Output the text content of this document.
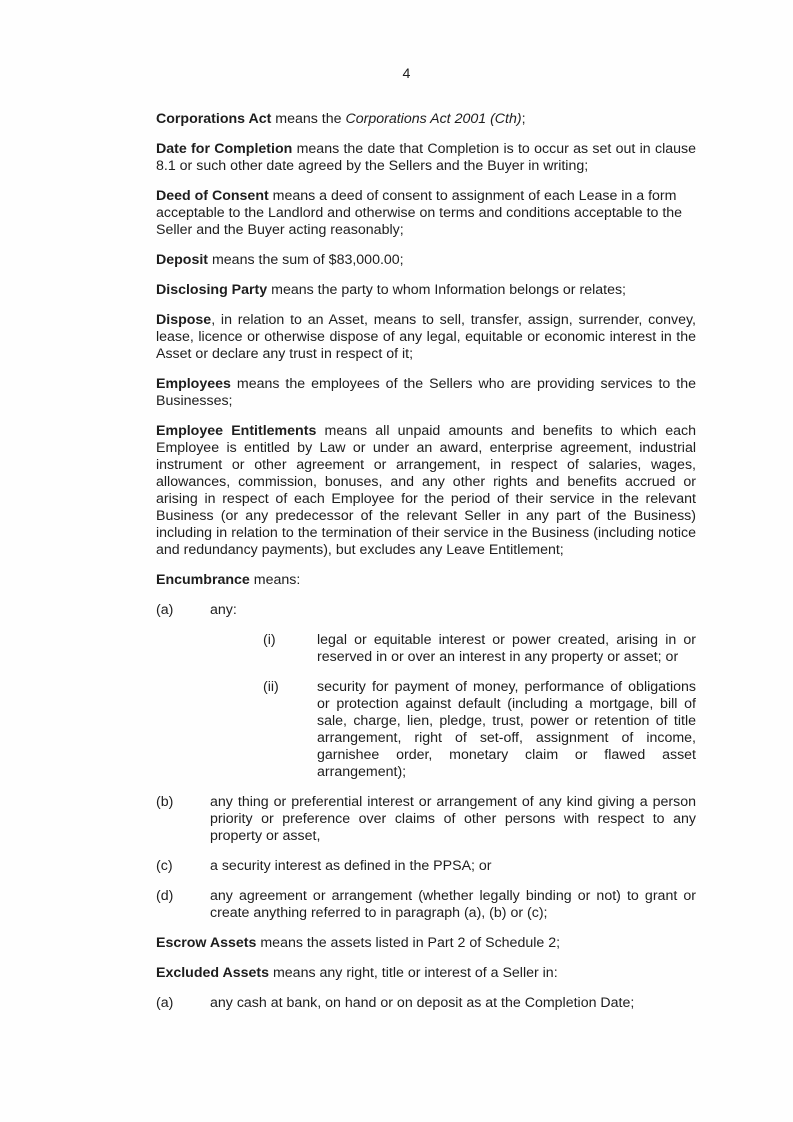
4

Corporations Act means the Corporations Act 2001 (Cth);

Date for Completion means the date that Completion is to occur as set out in clause 8.1 or such other date agreed by the Sellers and the Buyer in writing;

Deed of Consent means a deed of consent to assignment of each Lease in a form acceptable to the Landlord and otherwise on terms and conditions acceptable to the Seller and the Buyer acting reasonably;

Deposit means the sum of $83,000.00;

Disclosing Party means the party to whom Information belongs or relates;

Dispose, in relation to an Asset, means to sell, transfer, assign, surrender, convey, lease, licence or otherwise dispose of any legal, equitable or economic interest in the Asset or declare any trust in respect of it;

Employees means the employees of the Sellers who are providing services to the Businesses;

Employee Entitlements means all unpaid amounts and benefits to which each Employee is entitled by Law or under an award, enterprise agreement, industrial instrument or other agreement or arrangement, in respect of salaries, wages, allowances, commission, bonuses, and any other rights and benefits accrued or arising in respect of each Employee for the period of their service in the relevant Business (or any predecessor of the relevant Seller in any part of the Business) including in relation to the termination of their service in the Business (including notice and redundancy payments), but excludes any Leave Entitlement;

Encumbrance means:

(a)	any:
(i)	legal or equitable interest or power created, arising in or reserved in or over an interest in any property or asset; or
(ii)	security for payment of money, performance of obligations or protection against default (including a mortgage, bill of sale, charge, lien, pledge, trust, power or retention of title arrangement, right of set-off, assignment of income, garnishee order, monetary claim or flawed asset arrangement);
(b)	any thing or preferential interest or arrangement of any kind giving a person priority or preference over claims of other persons with respect to any property or asset,
(c)	a security interest as defined in the PPSA; or
(d)	any agreement or arrangement (whether legally binding or not) to grant or create anything referred to in paragraph (a), (b) or (c);

Escrow Assets means the assets listed in Part 2 of Schedule 2;

Excluded Assets means any right, title or interest of a Seller in:

(a)	any cash at bank, on hand or on deposit as at the Completion Date;
